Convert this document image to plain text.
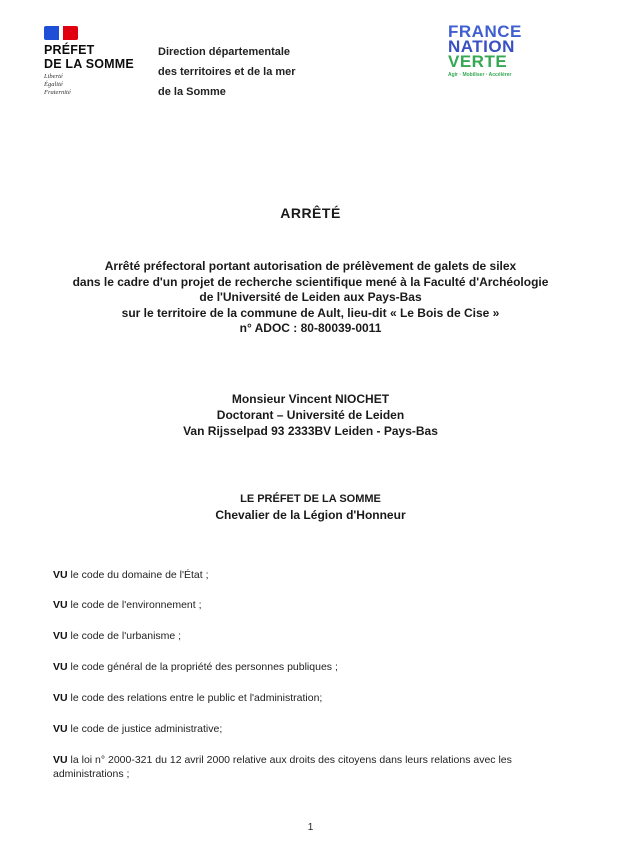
PRÉFET
DE LA SOMME
Liberté
Égalité
Fraternité
Direction départementale
des territoires et de la mer
de la Somme
FRANCE
NATION
VERTE
Agir · Mobiliser · Accélérer
ARRÊTÉ
Arrêté préfectoral portant autorisation de prélèvement de galets de silex
dans le cadre d'un projet de recherche scientifique mené à la Faculté d'Archéologie
de l'Université de Leiden aux Pays-Bas
sur le territoire de la commune de Ault, lieu-dit « Le Bois de Cise »
n° ADOC : 80-80039-0011
Monsieur Vincent NIOCHET
Doctorant – Université de Leiden
Van Rijsselpad 93 2333BV Leiden - Pays-Bas
LE PRÉFET DE LA SOMME
Chevalier de la Légion d'Honneur
VU le code du domaine de l'État ;
VU le code de l'environnement ;
VU le code de l'urbanisme ;
VU le code général de la propriété des personnes publiques ;
VU le code des relations entre le public et l'administration;
VU le code de justice administrative;
VU la loi n° 2000-321 du 12 avril 2000 relative aux droits des citoyens dans leurs relations avec les administrations ;
1
